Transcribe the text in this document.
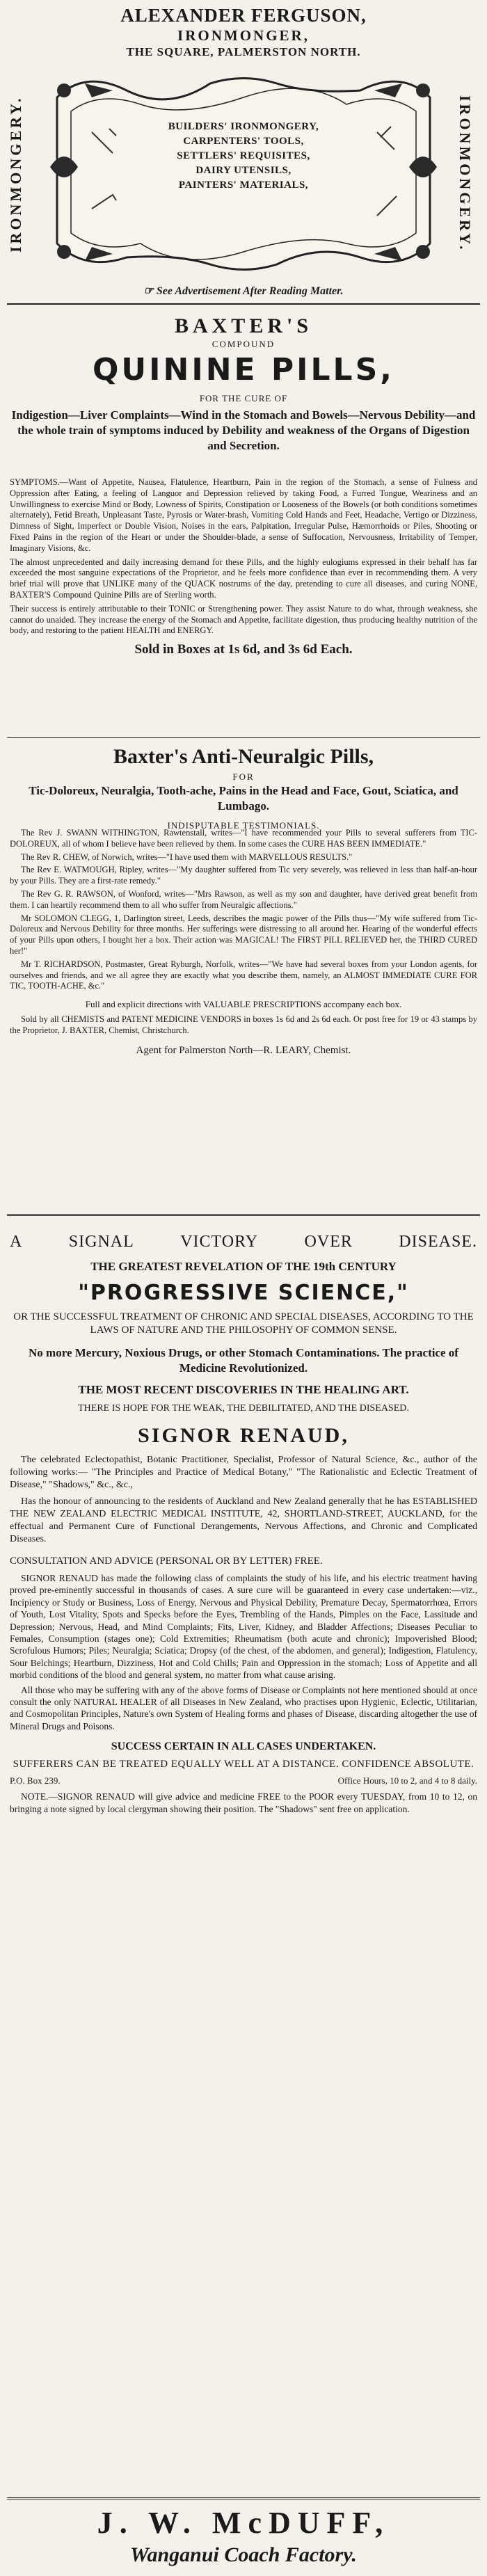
ALEXANDER FERGUSON,
IRONMONGER,
THE SQUARE, PALMERSTON NORTH.
IRONMONGERY.	IRONMONGERY.
BUILDERS' IRONMONGERY,
CARPENTERS' TOOLS,
SETTLERS' REQUISITES,
DAIRY UTENSILS,
PAINTERS' MATERIALS,
☞ See Advertisement After Reading Matter.
BAXTER'S
COMPOUND
QUININE PILLS,
FOR THE CURE OF

Indigestion—Liver Complaints—Wind in the Stomach and Bowels—Nervous Debility—and the whole train of symptoms induced by Debility and weakness of the Organs of Digestion and Secretion.

SYMPTOMS.—Want of Appetite, Nausea, Flatulence, Heartburn, Pain in the region of the Stomach, a sense of Fulness and Oppression after Eating, a feeling of Languor and Depression relieved by taking Food, a Furred Tongue, Weariness and an Unwillingness to exercise Mind or Body, Lowness of Spirits, Constipation or Looseness of the Bowels (or both conditions sometimes alternately), Fetid Breath, Unpleasant Taste, Pyrosis or Water-brash, Vomiting Cold Hands and Feet, Headache, Vertigo or Dizziness, Dimness of Sight, Imperfect or Double Vision, Noises in the ears, Palpitation, Irregular Pulse, Hæmorrhoids or Piles, Shooting or Fixed Pains in the region of the Heart or under the Shoulder-blade, a sense of Suffocation, Nervousness, Irritability of Temper, Imaginary Visions, &c.

The almost unprecedented and daily increasing demand for these Pills, and the highly eulogiums expressed in their behalf has far exceeded the most sanguine expectations of the Proprietor, and he feels more confidence than ever in recommending them. A very brief trial will prove that UNLIKE many of the QUACK nostrums of the day, pretending to cure all diseases, and curing NONE, BAXTER'S Compound Quinine Pills are of Sterling worth.

Their success is entirely attributable to their TONIC or Strengthening power. They assist Nature to do what, through weakness, she cannot do unaided. They increase the energy of the Stomach and Appetite, facilitate digestion, thus producing healthy nutrition of the body, and restoring to the patient HEALTH and ENERGY.

Sold in Boxes at 1s 6d, and 3s 6d Each.

Baxter's Anti-Neuralgic Pills,
FOR

Tic-Doloreux, Neuralgia, Tooth-ache, Pains in the Head and Face, Gout, Sciatica, and Lumbago.

INDISPUTABLE TESTIMONIALS.

The Rev J. SWANN WITHINGTON, Rawtenstall, writes—"I have recommended your Pills to several sufferers from TIC-DOLOREUX, all of whom I believe have been relieved by them. In some cases the CURE HAS BEEN IMMEDIATE."

The Rev R. CHEW, of Norwich, writes—"I have used them with MARVELLOUS RESULTS."

The Rev E. WATMOUGH, Ripley, writes—"My daughter suffered from Tic very severely, was relieved in less than half-an-hour by your Pills. They are a first-rate remedy."

The Rev G. R. RAWSON, of Wonford, writes—"Mrs Rawson, as well as my son and daughter, have derived great benefit from them. I can heartily recommend them to all who suffer from Neuralgic affections."

Mr SOLOMON CLEGG, 1, Darlington street, Leeds, describes the magic power of the Pills thus—"My wife suffered from Tic-Doloreux and Nervous Debility for three months. Her sufferings were distressing to all around her. Hearing of the wonderful effects of your Pills upon others, I bought her a box. Their action was MAGICAL! The FIRST PILL RELIEVED her, the THIRD CURED her!"

Mr T. RICHARDSON, Postmaster, Great Ryburgh, Norfolk, writes—"We have had several boxes from your London agents, for ourselves and friends, and we all agree they are exactly what you describe them, namely, an ALMOST IMMEDIATE CURE FOR TIC, TOOTH-ACHE, &c."

Full and explicit directions with VALUABLE PRESCRIPTIONS accompany each box.

Sold by all CHEMISTS and PATENT MEDICINE VENDORS in boxes 1s 6d and 2s 6d each. Or post free for 19 or 43 stamps by the Proprietor, J. BAXTER, Chemist, Christchurch.

Agent for Palmerston North—R. LEARY, Chemist.

A	SIGNAL	VICTORY	OVER	DISEASE.
THE GREATEST REVELATION OF THE 19th CENTURY
"PROGRESSIVE SCIENCE,"

OR THE SUCCESSFUL TREATMENT OF CHRONIC AND SPECIAL DISEASES, ACCORDING TO THE LAWS OF NATURE AND THE PHILOSOPHY OF COMMON SENSE.

No more Mercury, Noxious Drugs, or other Stomach Contaminations. The practice of Medicine Revolutionized.

THE MOST RECENT DISCOVERIES IN THE HEALING ART.

THERE IS HOPE FOR THE WEAK, THE DEBILITATED, AND THE DISEASED.

SIGNOR RENAUD,

The celebrated Eclectopathist, Botanic Practitioner, Specialist, Professor of Natural Science, &c., author of the following works:— "The Principles and Practice of Medical Botany," "The Rationalistic and Eclectic Treatment of Disease," "Shadows," &c., &c.,

Has the honour of announcing to the residents of Auckland and New Zealand generally that he has ESTABLISHED THE NEW ZEALAND ELECTRIC MEDICAL INSTITUTE, 42, SHORTLAND-STREET, AUCKLAND, for the effectual and Permanent Cure of Functional Derangements, Nervous Affections, and Chronic and Complicated Diseases.

CONSULTATION AND ADVICE (PERSONAL OR BY LETTER) FREE.

SIGNOR RENAUD has made the following class of complaints the study of his life, and his electric treatment having proved pre-eminently successful in thousands of cases. A sure cure will be guaranteed in every case undertaken:—viz., Incipiency or Study or Business, Loss of Energy, Nervous and Physical Debility, Premature Decay, Spermatorrhœa, Errors of Youth, Lost Vitality, Spots and Specks before the Eyes, Trembling of the Hands, Pimples on the Face, Lassitude and Depression; Nervous, Head, and Mind Complaints; Fits, Liver, Kidney, and Bladder Affections; Diseases Peculiar to Females, Consumption (stages one); Cold Extremities; Rheumatism (both acute and chronic); Impoverished Blood; Scrofulous Humors; Piles; Neuralgia; Sciatica; Dropsy (of the chest, of the abdomen, and general); Indigestion, Flatulency, Sour Belchings; Heartburn, Dizziness, Hot and Cold Chills; Pain and Oppression in the stomach; Loss of Appetite and all morbid conditions of the blood and general system, no matter from what cause arising.

All those who may be suffering with any of the above forms of Disease or Complaints not here mentioned should at once consult the only NATURAL HEALER of all Diseases in New Zealand, who practises upon Hygienic, Eclectic, Utilitarian, and Cosmopolitan Principles, Nature's own System of Healing forms and phases of Disease, discarding altogether the use of Mineral Drugs and Poisons.

SUCCESS CERTAIN IN ALL CASES UNDERTAKEN.

SUFFERERS CAN BE TREATED EQUALLY WELL AT A DISTANCE. CONFIDENCE ABSOLUTE.

P.O. Box 239.	Office Hours, 10 to 2, and 4 to 8 daily.

NOTE.—SIGNOR RENAUD will give advice and medicine FREE to the POOR every TUESDAY, from 10 to 12, on bringing a note signed by local clergyman showing their position. The "Shadows" sent free on application.

J. W. McDUFF,
Wanganui Coach Factory.
